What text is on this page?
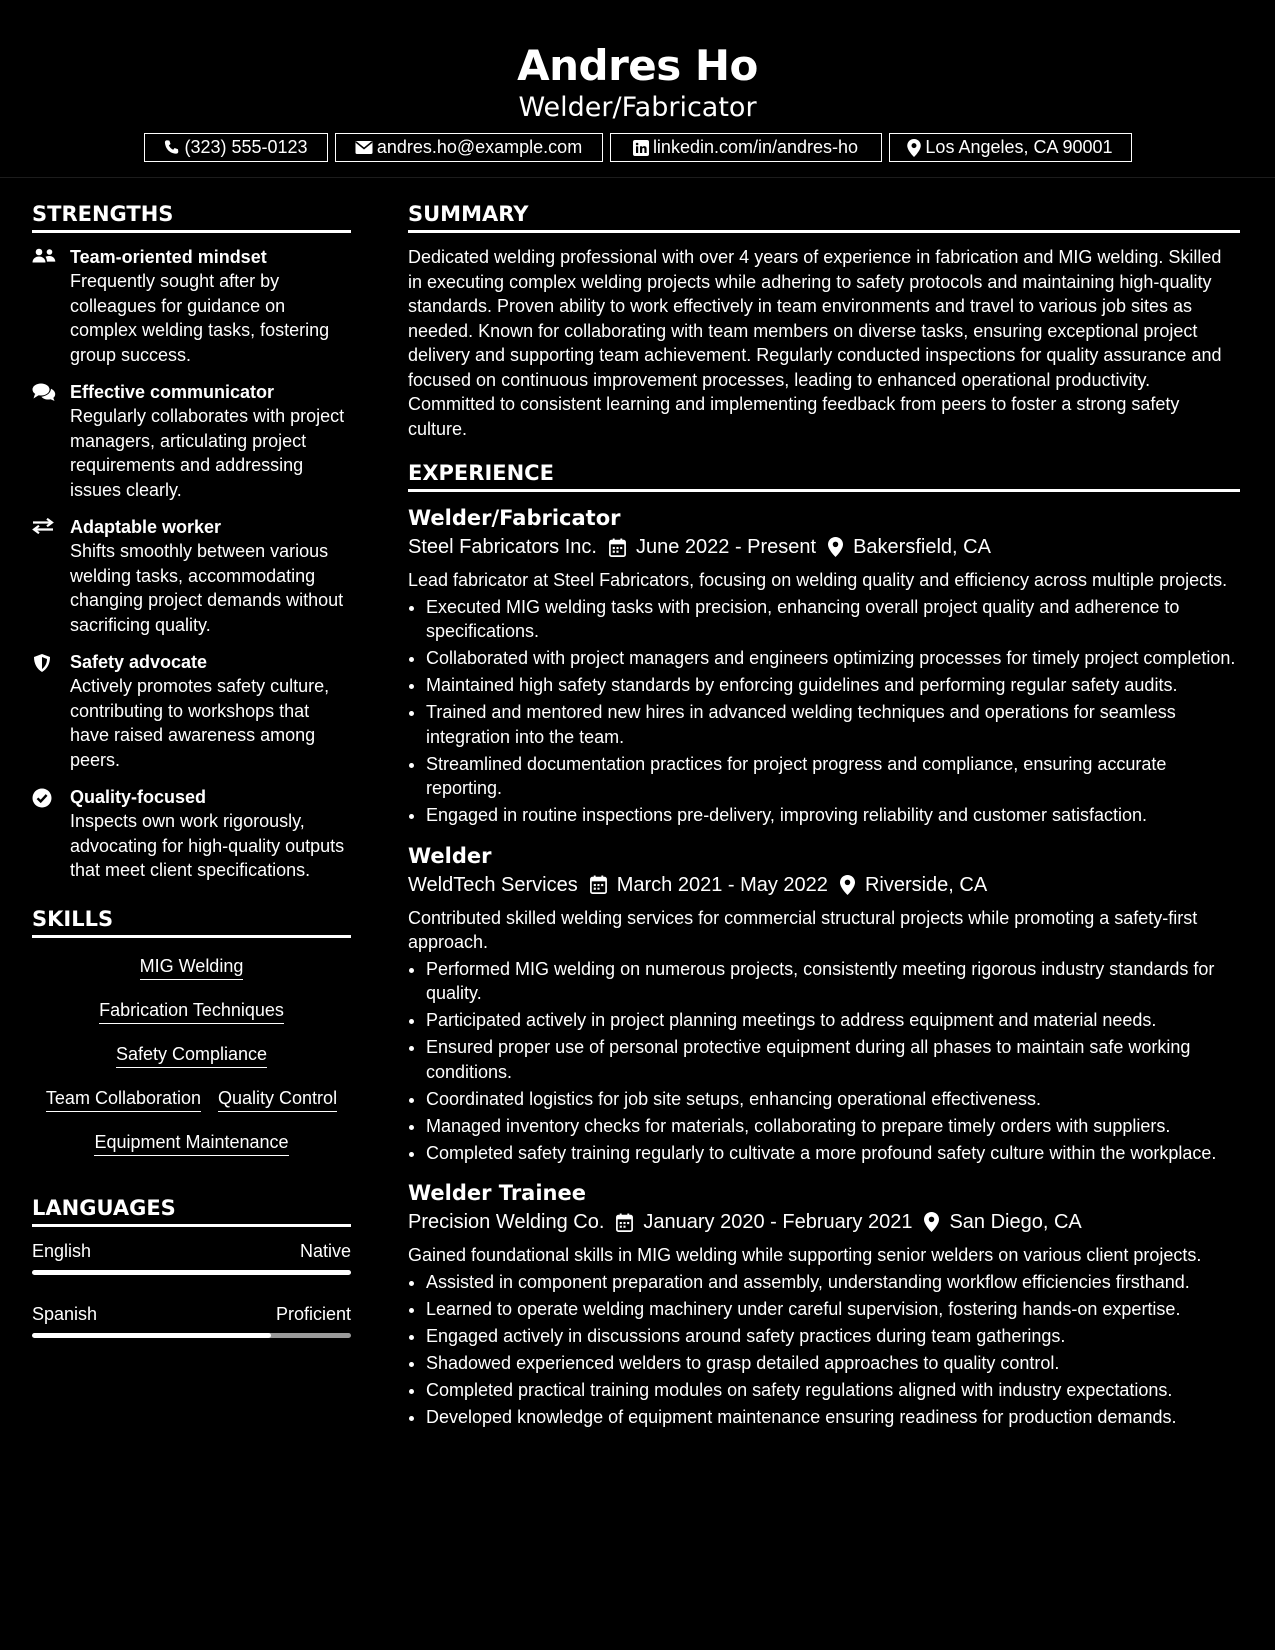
Andres Ho
Welder/Fabricator
(323) 555-0123	andres.ho@example.com	linkedin.com/in/andres-ho	Los Angeles, CA 90001
STRENGTHS
Team-oriented mindset
Frequently sought after by colleagues for guidance on complex welding tasks, fostering group success.
Effective communicator
Regularly collaborates with project managers, articulating project requirements and addressing issues clearly.
Adaptable worker
Shifts smoothly between various welding tasks, accommodating changing project demands without sacrificing quality.
Safety advocate
Actively promotes safety culture, contributing to workshops that have raised awareness among peers.
Quality-focused
Inspects own work rigorously, advocating for high-quality outputs that meet client specifications.
SKILLS
MIG Welding
Fabrication Techniques
Safety Compliance
Team Collaboration Quality Control
Equipment Maintenance
LANGUAGES
English	Native
Spanish	Proficient
SUMMARY
Dedicated welding professional with over 4 years of experience in fabrication and MIG welding. Skilled in executing complex welding projects while adhering to safety protocols and maintaining high-quality standards. Proven ability to work effectively in team environments and travel to various job sites as needed. Known for collaborating with team members on diverse tasks, ensuring exceptional project delivery and supporting team achievement. Regularly conducted inspections for quality assurance and focused on continuous improvement processes, leading to enhanced operational productivity. Committed to consistent learning and implementing feedback from peers to foster a strong safety culture.
EXPERIENCE
Welder/Fabricator
Steel Fabricators Inc. June 2022 - Present Bakersfield, CA
Lead fabricator at Steel Fabricators, focusing on welding quality and efficiency across multiple projects.
• Executed MIG welding tasks with precision, enhancing overall project quality and adherence to specifications.
• Collaborated with project managers and engineers optimizing processes for timely project completion.
• Maintained high safety standards by enforcing guidelines and performing regular safety audits.
• Trained and mentored new hires in advanced welding techniques and operations for seamless integration into the team.
• Streamlined documentation practices for project progress and compliance, ensuring accurate reporting.
• Engaged in routine inspections pre-delivery, improving reliability and customer satisfaction.
Welder
WeldTech Services March 2021 - May 2022 Riverside, CA
Contributed skilled welding services for commercial structural projects while promoting a safety-first approach.
• Performed MIG welding on numerous projects, consistently meeting rigorous industry standards for quality.
• Participated actively in project planning meetings to address equipment and material needs.
• Ensured proper use of personal protective equipment during all phases to maintain safe working conditions.
• Coordinated logistics for job site setups, enhancing operational effectiveness.
• Managed inventory checks for materials, collaborating to prepare timely orders with suppliers.
• Completed safety training regularly to cultivate a more profound safety culture within the workplace.
Welder Trainee
Precision Welding Co. January 2020 - February 2021 San Diego, CA
Gained foundational skills in MIG welding while supporting senior welders on various client projects.
• Assisted in component preparation and assembly, understanding workflow efficiencies firsthand.
• Learned to operate welding machinery under careful supervision, fostering hands-on expertise.
• Engaged actively in discussions around safety practices during team gatherings.
• Shadowed experienced welders to grasp detailed approaches to quality control.
• Completed practical training modules on safety regulations aligned with industry expectations.
• Developed knowledge of equipment maintenance ensuring readiness for production demands.
